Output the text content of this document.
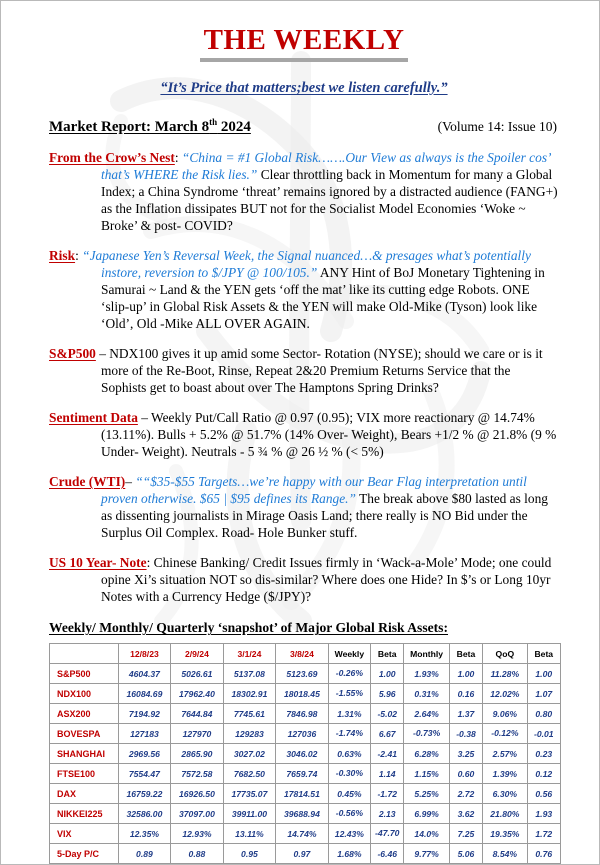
THE WEEKLY
“It’s Price that matters;best we listen carefully.”
Market Report: March 8th 2024	(Volume 14: Issue 10)

From the Crow’s Nest: “China = #1 Global Risk…….Our View as always is the Spoiler cos’ that’s WHERE the Risk lies.” Clear throttling back in Momentum for many a Global Index; a China Syndrome ‘threat’ remains ignored by a distracted audience (FANG+) as the Inflation dissipates BUT not for the Socialist Model Economies ‘Woke ~ Broke’ & post- COVID?

Risk: “Japanese Yen’s Reversal Week, the Signal nuanced…& presages what’s potentially instore, reversion to $/JPY @ 100/105.” ANY Hint of BoJ Monetary Tightening in Samurai ~ Land & the YEN gets ‘off the mat’ like its cutting edge Robots. ONE ‘slip-up’ in Global Risk Assets & the YEN will make Old-Mike (Tyson) look like ‘Old’, Old -Mike ALL OVER AGAIN.

S&P500 – NDX100 gives it up amid some Sector- Rotation (NYSE); should we care or is it more of the Re-Boot, Rinse, Repeat 2&20 Premium Returns Service that the Sophists get to boast about over The Hamptons Spring Drinks?

Sentiment Data – Weekly Put/Call Ratio @ 0.97 (0.95); VIX more reactionary @ 14.74% (13.11%). Bulls + 5.2% @ 51.7% (14% Over- Weight), Bears +1/2 % @ 21.8% (9 % Under- Weight). Neutrals - 5 ¾ % @ 26 ½ % (< 5%)

Crude (WTI)– ““$35-$55 Targets…we’re happy with our Bear Flag interpretation until proven otherwise. $65 | $95 defines its Range.” The break above $80 lasted as long as dissenting journalists in Mirage Oasis Land; there really is NO Bid under the Surplus Oil Complex. Road- Hole Bunker stuff.

US 10 Year- Note: Chinese Banking/ Credit Issues firmly in ‘Wack-a-Mole’ Mode; one could opine Xi’s situation NOT so dis-similar? Where does one Hide? In $’s or Long 10yr Notes with a Currency Hedge ($/JPY)?

Weekly/ Monthly/ Quarterly ‘snapshot’ of Major Global Risk Assets:
	12/8/23	2/9/24	3/1/24	3/8/24	Weekly	Beta	Monthly	Beta	QoQ	Beta
S&P500	4604.37	5026.61	5137.08	5123.69	-0.26%	1.00	1.93%	1.00	11.28%	1.00
NDX100	16084.69	17962.40	18302.91	18018.45	-1.55%	5.96	0.31%	0.16	12.02%	1.07
ASX200	7194.92	7644.84	7745.61	7846.98	1.31%	-5.02	2.64%	1.37	9.06%	0.80
BOVESPA	127183	127970	129283	127036	-1.74%	6.67	-0.73%	-0.38	-0.12%	-0.01
SHANGHAI	2969.56	2865.90	3027.02	3046.02	0.63%	-2.41	6.28%	3.25	2.57%	0.23
FTSE100	7554.47	7572.58	7682.50	7659.74	-0.30%	1.14	1.15%	0.60	1.39%	0.12
DAX	16759.22	16926.50	17735.07	17814.51	0.45%	-1.72	5.25%	2.72	6.30%	0.56
NIKKEI225	32586.00	37097.00	39911.00	39688.94	-0.56%	2.13	6.99%	3.62	21.80%	1.93
VIX	12.35%	12.93%	13.11%	14.74%	12.43%	-47.70	14.0%	7.25	19.35%	1.72
5-Day P/C	0.89	0.88	0.95	0.97	1.68%	-6.46	9.77%	5.06	8.54%	0.76
